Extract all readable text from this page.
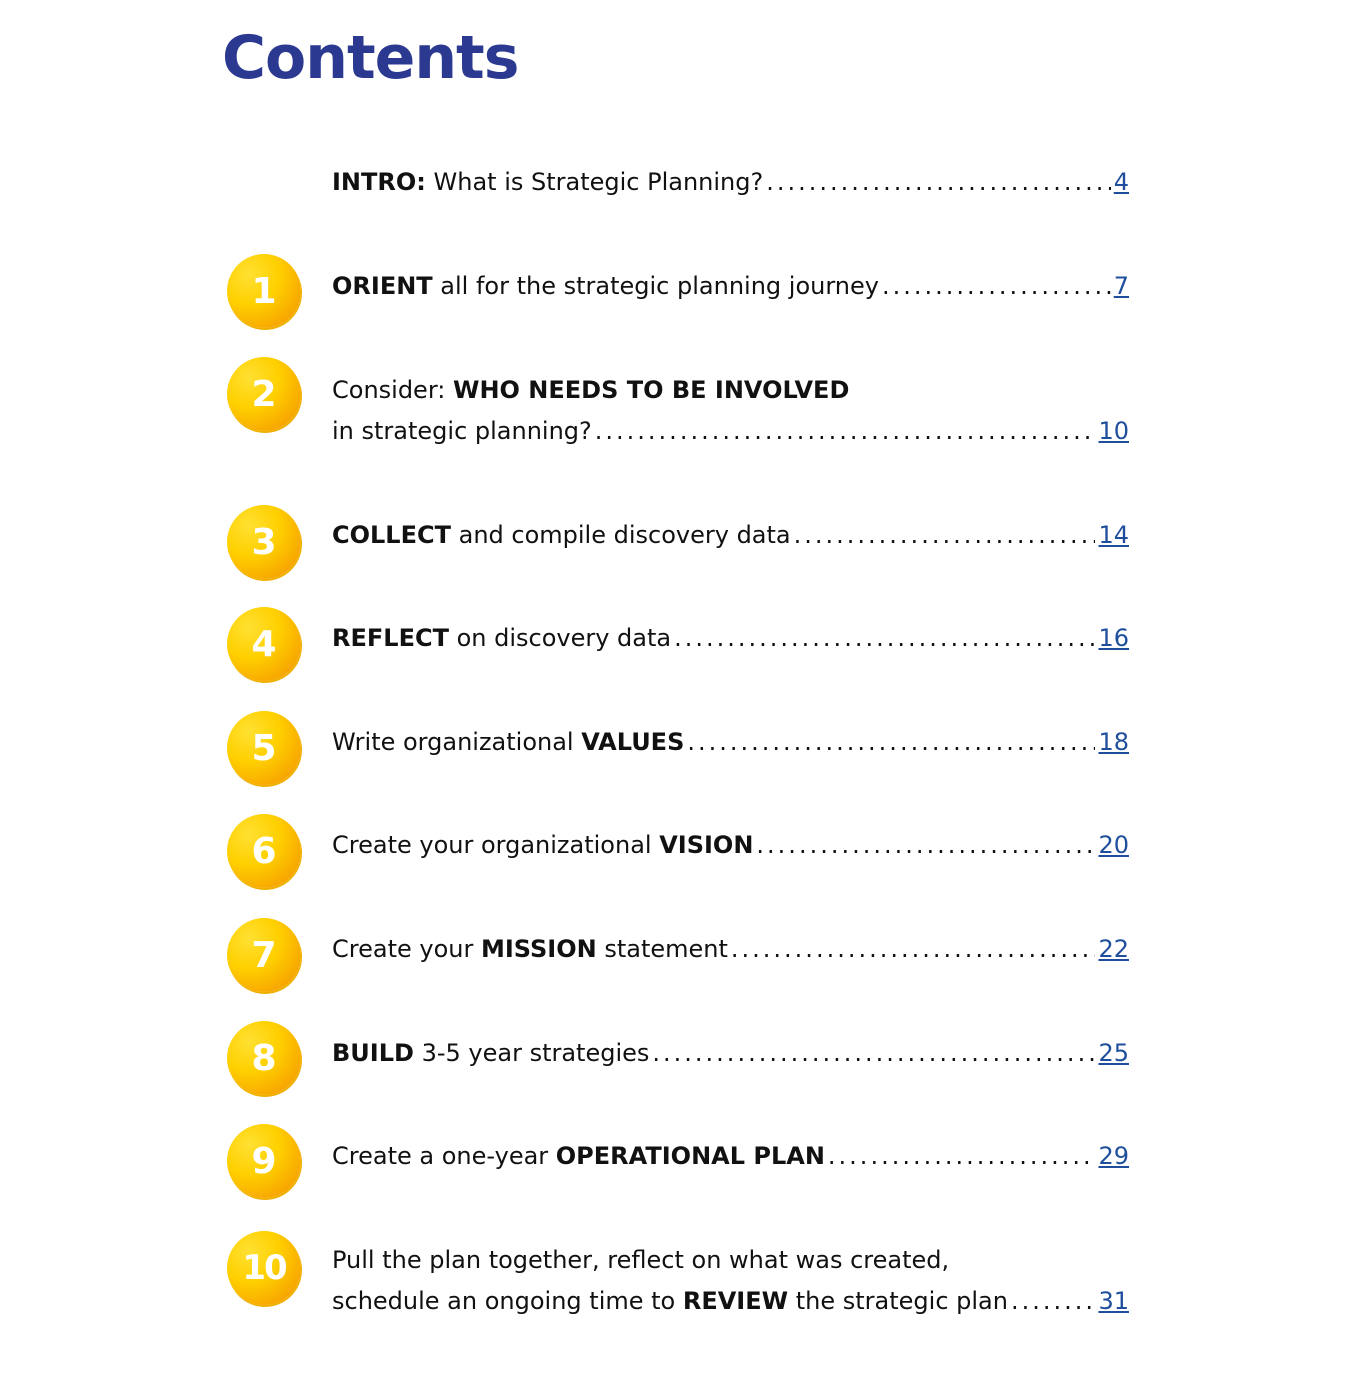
Contents
INTRO: What is Strategic Planning? .....	4
1	ORIENT all for the strategic planning journey .....	7
2	Consider: WHO NEEDS TO BE INVOLVED
in strategic planning? .....	10
3	COLLECT and compile discovery data .....	14
4	REFLECT on discovery data .....	16
5	Write organizational VALUES .....	18
6	Create your organizational VISION .....	20
7	Create your MISSION statement .....	22
8	BUILD 3-5 year strategies .....	25
9	Create a one-year OPERATIONAL PLAN .....	29
10	Pull the plan together, reflect on what was created,
schedule an ongoing time to REVIEW the strategic plan .....	31
